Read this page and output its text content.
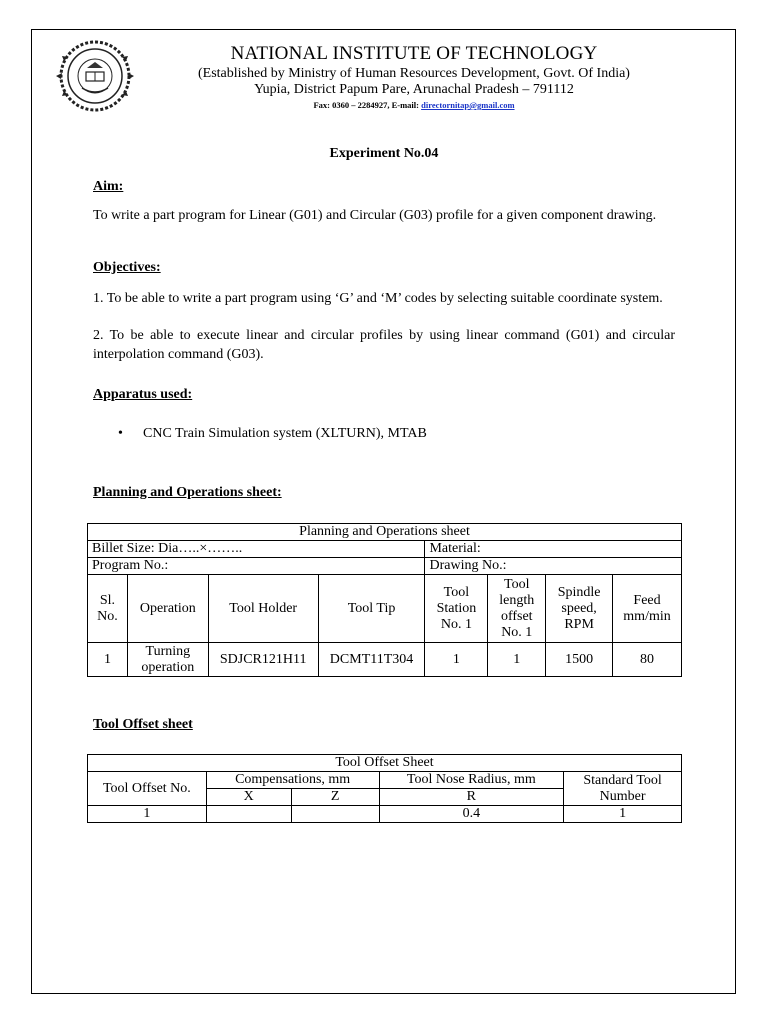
NATIONAL INSTITUTE OF TECHNOLOGY
(Established by Ministry of Human Resources Development, Govt. Of India)
Yupia, District Papum Pare, Arunachal Pradesh – 791112
Fax: 0360 – 2284927, E-mail: directornitap@gmail.com
Experiment No.04
Aim:

To write a part program for Linear (G01) and Circular (G03) profile for a given component drawing.

Objectives:

1. To be able to write a part program using ‘G’ and ‘M’ codes by selecting suitable coordinate system.

2. To be able to execute linear and circular profiles by using linear command (G01) and circular interpolation command (G03).

Apparatus used:
• CNC Train Simulation system (XLTURN), MTAB
Planning and Operations sheet:
Planning and Operations sheet							
Billet Size: Dia…..×……..				Material:			
Program No.:				Drawing No.:			
Sl. No.	Operation	Tool Holder	Tool Tip	Tool Station No. 1	Tool length offset No. 1	Spindle speed, RPM	Feed mm/min
1	Turning operation	SDJCR121H11	DCMT11T304	1	1	1500	80
Tool Offset sheet
Tool Offset Sheet				
Tool Offset No.	Compensations, mm		Tool Nose Radius, mm	Standard Tool Number
	X	Z	R	
1			0.4	1
